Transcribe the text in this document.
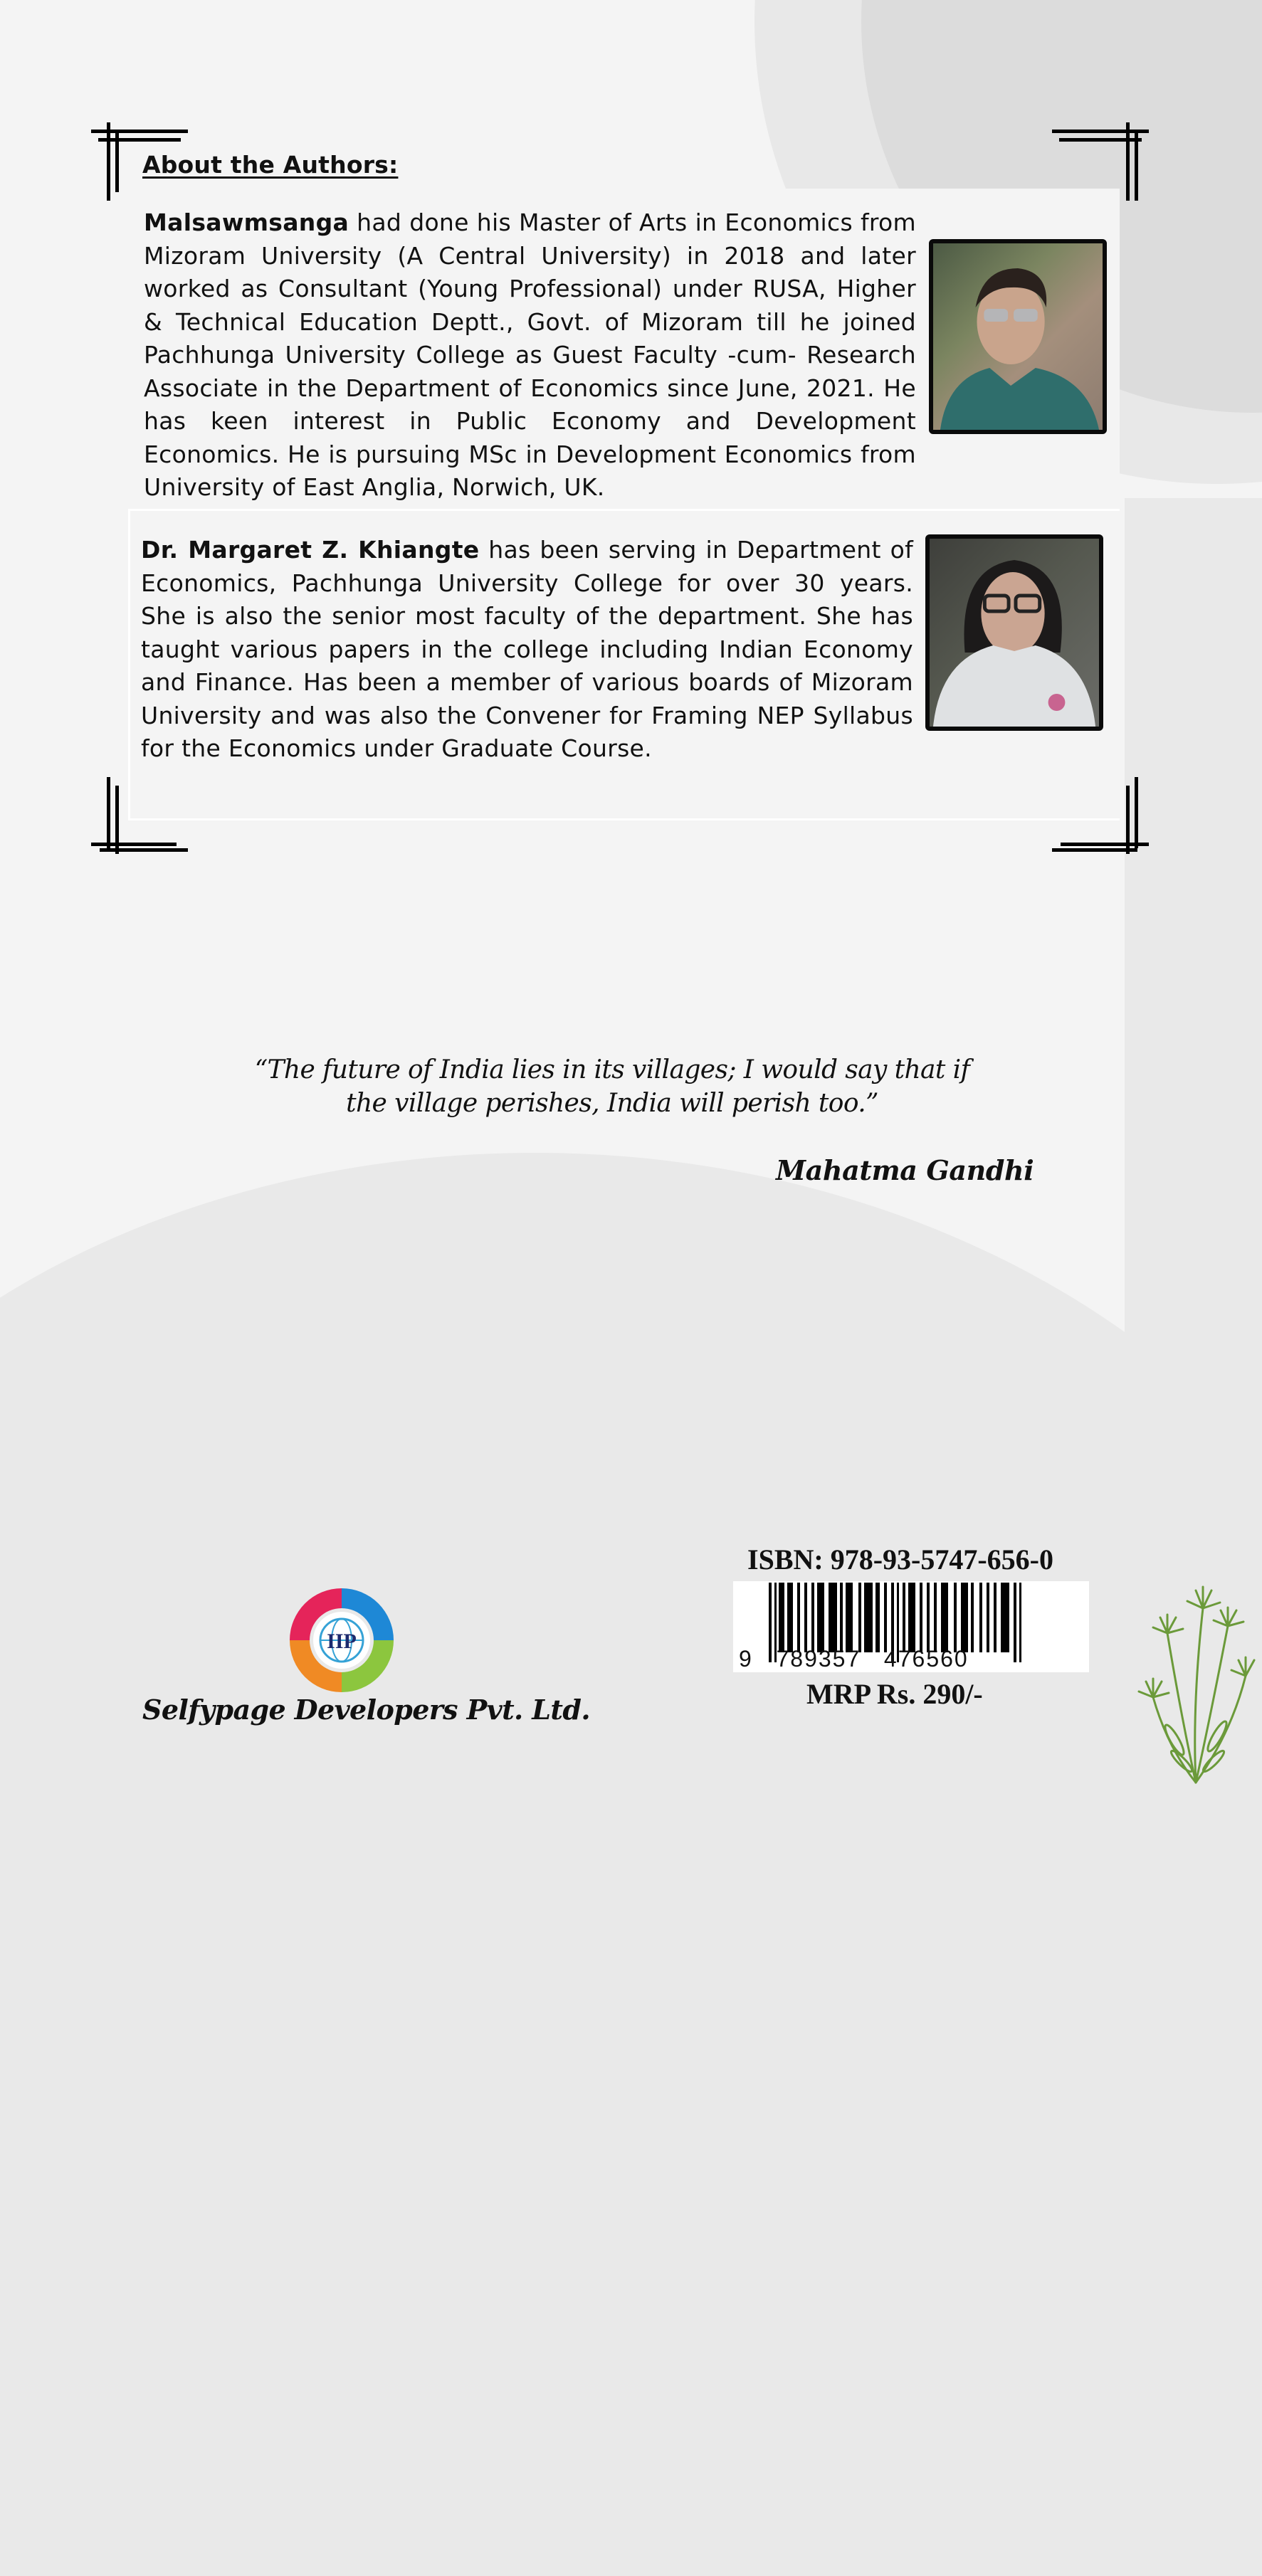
About the Authors:
Malsawmsanga had done his Master of Arts in Economics from Mizoram University (A Central University) in 2018 and later worked as Consultant (Young Professional) under RUSA, Higher & Technical Education Deptt., Govt. of Mizoram till he joined Pachhunga University College as Guest Faculty -cum- Research Associate in the Department of Economics since June, 2021. He has keen interest in Public Economy and Development Economics. He is pursuing MSc in Development Economics from University of East Anglia, Norwich, UK.
Dr. Margaret Z. Khiangte has been serving in Department of Economics, Pachhunga University College for over 30 years. She is also the senior most faculty of the department. She has taught various papers in the college including Indian Economy and Finance. Has been a member of various boards of Mizoram University and was also the Convener for Framing NEP Syllabus for the Economics under Graduate Course.
“The future of India lies in its villages; I would say that if the village perishes, India will perish too.”
Mahatma Gandhi
IIP
Selfypage Developers Pvt. Ltd.
ISBN: 978-93-5747-656-0
9   789357   476560
MRP Rs. 290/-
